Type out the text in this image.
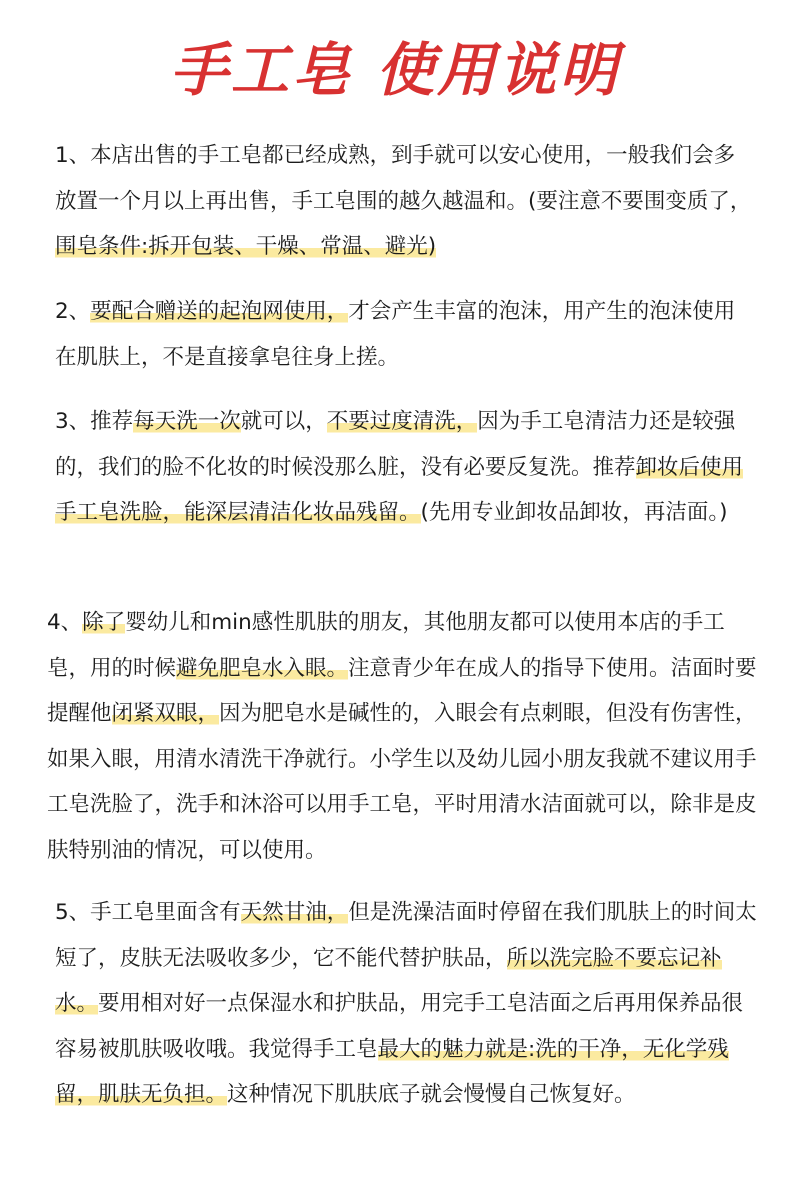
手工皂 使用说明

1、本店出售的手工皂都已经成熟，到手就可以安心使用，一般我们会多放置一个月以上再出售，手工皂围的越久越温和。(要注意不要围变质了，围皂条件:拆开包装、干燥、常温、避光)

2、要配合赠送的起泡网使用，才会产生丰富的泡沫，用产生的泡沫使用在肌肤上，不是直接拿皂往身上搓。

3、推荐每天洗一次就可以，不要过度清洗，因为手工皂清洁力还是较强的，我们的脸不化妆的时候没那么脏，没有必要反复洗。推荐卸妆后使用手工皂洗脸，能深层清洁化妆品残留。(先用专业卸妆品卸妆，再洁面。)

4、除了婴幼儿和min感性肌肤的朋友，其他朋友都可以使用本店的手工皂，用的时候避免肥皂水入眼。注意青少年在成人的指导下使用。洁面时要提醒他闭紧双眼，因为肥皂水是碱性的，入眼会有点刺眼，但没有伤害性，如果入眼，用清水清洗干净就行。小学生以及幼儿园小朋友我就不建议用手工皂洗脸了，洗手和沐浴可以用手工皂，平时用清水洁面就可以，除非是皮肤特别油的情况，可以使用。

5、手工皂里面含有天然甘油，但是洗澡洁面时停留在我们肌肤上的时间太短了，皮肤无法吸收多少，它不能代替护肤品，所以洗完脸不要忘记补水。要用相对好一点保湿水和护肤品，用完手工皂洁面之后再用保养品很容易被肌肤吸收哦。我觉得手工皂最大的魅力就是:洗的干净，无化学残留，肌肤无负担。这种情况下肌肤底子就会慢慢自己恢复好。
